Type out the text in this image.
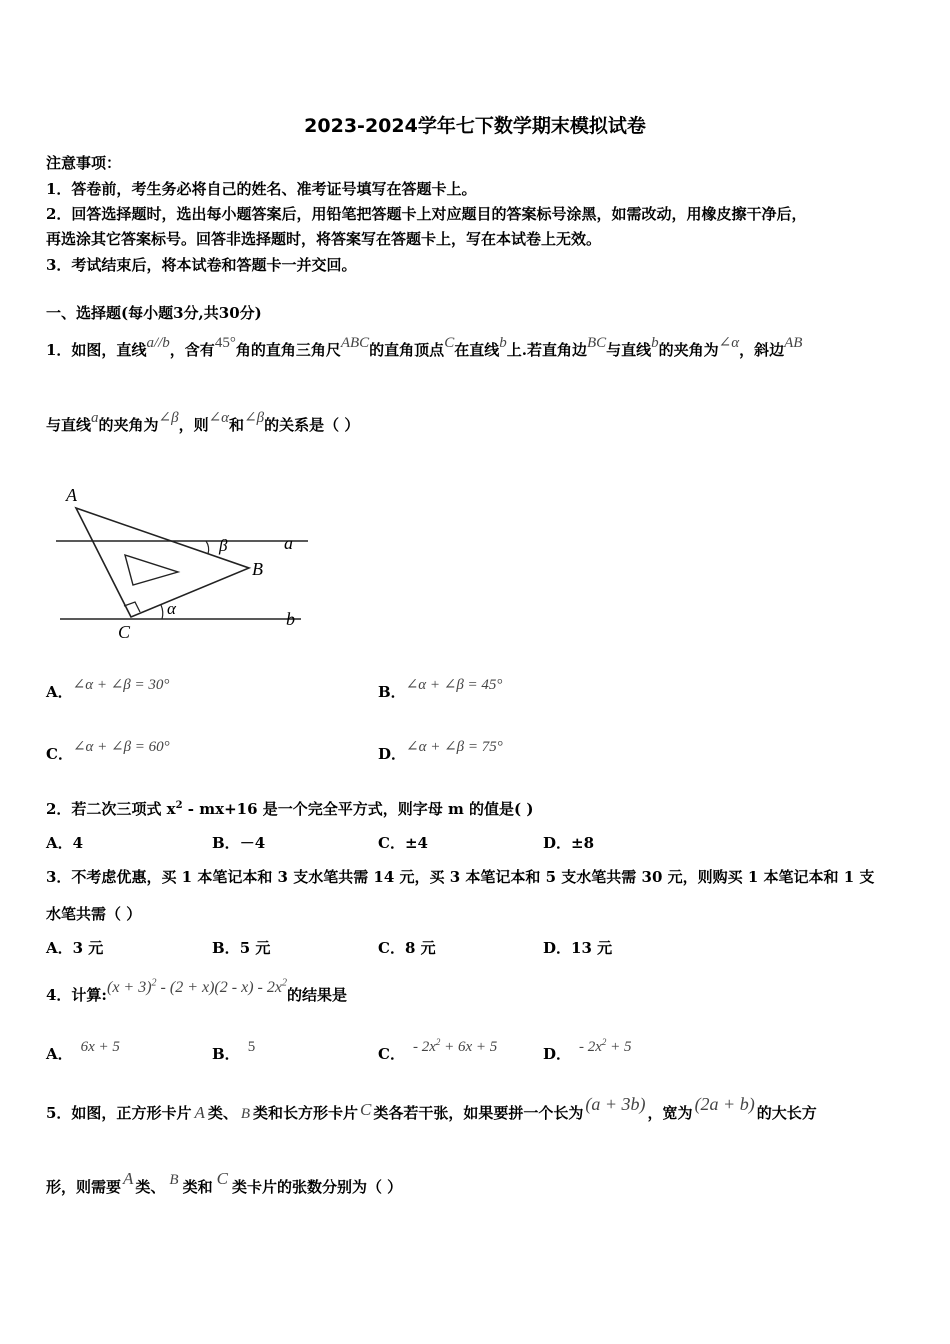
2023-2024学年七下数学期末模拟试卷
注意事项：
1．答卷前，考生务必将自己的姓名、准考证号填写在答题卡上。
2．回答选择题时，选出每小题答案后，用铅笔把答题卡上对应题目的答案标号涂黑，如需改动，用橡皮擦干净后，
再选涂其它答案标号。回答非选择题时，将答案写在答题卡上，写在本试卷上无效。
3．考试结束后，将本试卷和答题卡一并交回。
一、选择题(每小题3分,共30分)
1．如图，直线a//b，含有45°角的直角三角尺ABC的直角顶点C在直线b上.若直角边BC与直线b的夹角为∠α，斜边AB
与直线a的夹角为∠β，则∠α和∠β的关系是（ ）
A
B
C
a
b
β
α
A．∠α + ∠β = 30°	B．∠α + ∠β = 45°
C．∠α + ∠β = 60°	D．∠α + ∠β = 75°
2．若二次三项式 $x^2 - mx+16$ 是一个完全平方式，则字母 m 的值是( )
A．4	B．－4	C．±4	D．±8
3．不考虑优惠，买 1 本笔记本和 3 支水笔共需 14 元，买 3 本笔记本和 5 支水笔共需 30 元，则购买 1 本笔记本和 1 支
水笔共需（ ）
A．3 元	B．5 元	C．8 元	D．13 元
4．计算:(x + $3)^2 - (2 + x)(2 - x) - 2x^2$的结果是
A． 6x + 5	B． 5	C． - $2x^2 + 6x + 5$	D． - $2x^2 + 5$
5．如图，正方形卡片 A 类、 B 类和长方形卡片 C 类各若干张，如果要拼一个长为 (a + 3b) ，宽为 (2a + b) 的大长方
形，则需要 A 类、 B 类和 C 类卡片的张数分别为（ ）
